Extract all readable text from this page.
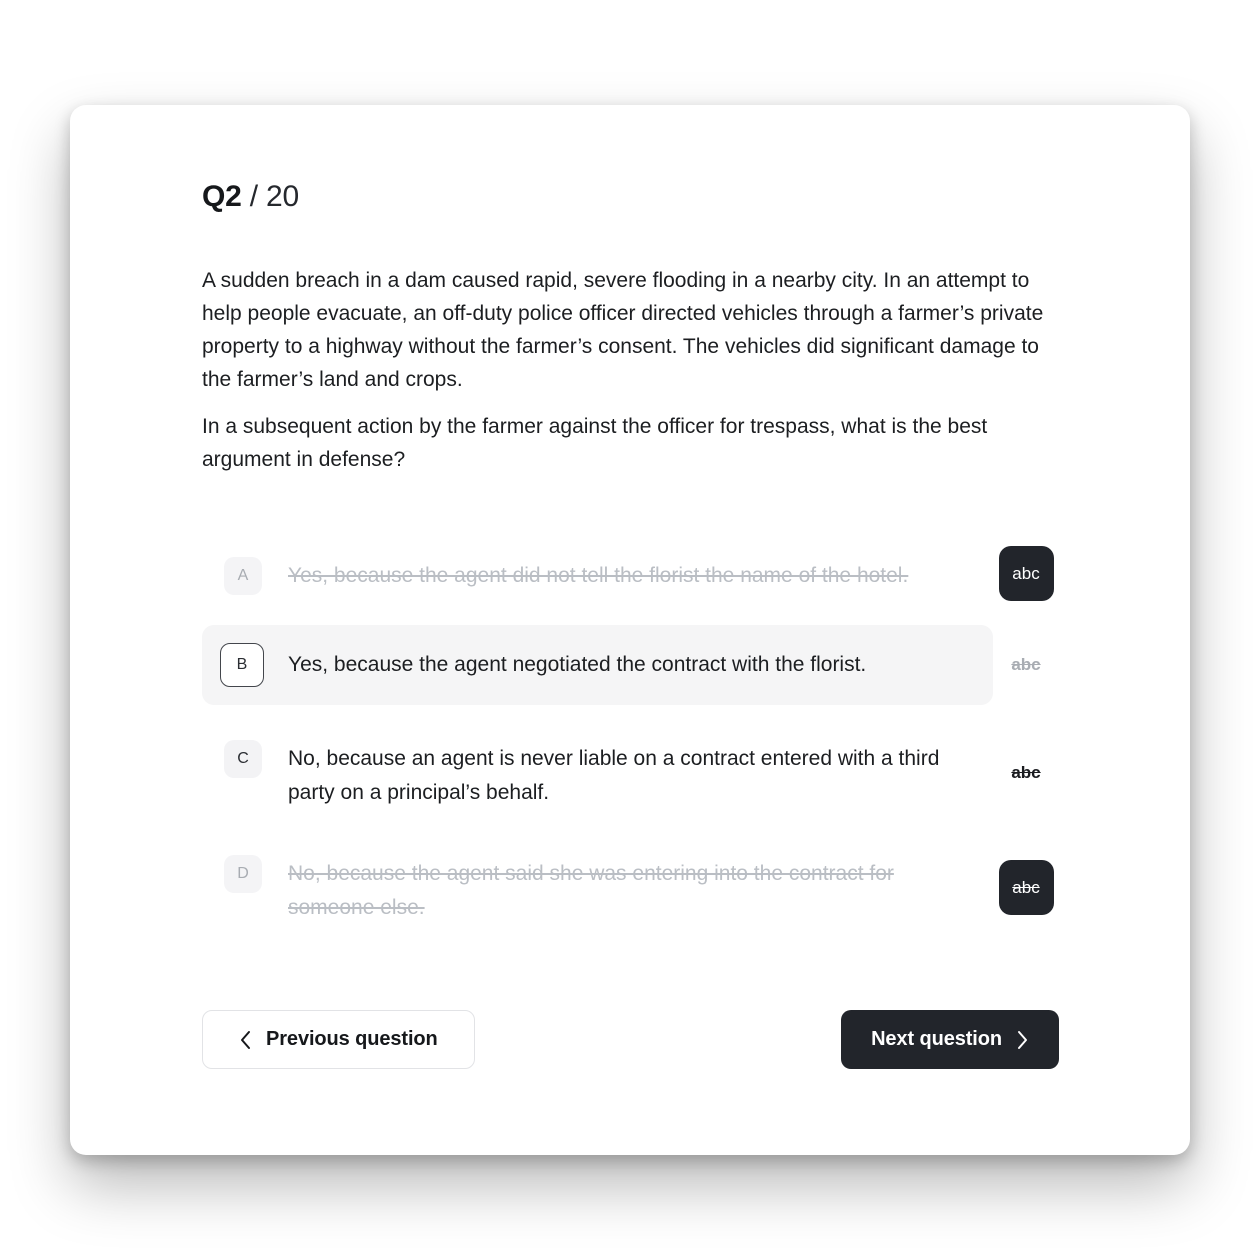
Q2 / 20

A sudden breach in a dam caused rapid, severe flooding in a nearby city. In an attempt to help people evacuate, an off-duty police officer directed vehicles through a farmer’s private property to a highway without the farmer’s consent. The vehicles did significant damage to the farmer’s land and crops.

In a subsequent action by the farmer against the officer for trespass, what is the best argument in defense?

A	Yes, because the agent did not tell the florist the name of the hotel.	abc
B	Yes, because the agent negotiated the contract with the florist.	abc
C	No, because an agent is never liable on a contract entered with a third party on a principal’s behalf.
abc
D	No, because the agent said she was entering into the contract for someone else.
abc
Previous question	Next question
